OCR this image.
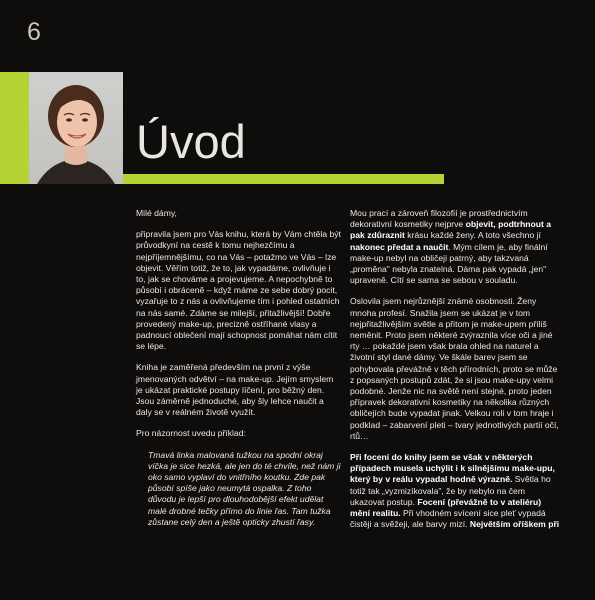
6
Úvod

Milé dámy,

připravila jsem pro Vás knihu, která by Vám chtěla být průvodkyní na cestě k tomu nejhezčímu a nejpříjemnějšímu, co na Vás – potažmo ve Vás – lze objevit. Věřím totiž, že to, jak vypadáme, ovlivňuje i to, jak se chováme a projevujeme. A nepochybně to působí i obráceně – když máme ze sebe dobrý pocit, vyzařuje to z nás a ovlivňujeme tím i pohled ostatních na nás samé. Zdáme se milejší, přitažlivější! Dobře provedený make-up, precizně ostříhané vlasy a padnoucí oblečení mají schopnost pomáhat nám cítit se lépe.

Kniha je zaměřená především na první z výše jmenovaných odvětví – na make-up. Jejím smyslem je ukázat praktické postupy líčení, pro běžný den. Jsou záměrně jednoduché, aby šly lehce naučit a daly se v reálném životě využít.

Pro názornost uvedu příklad:

Tmavá linka malovaná tužkou na spodní okraj víčka je sice hezká, ale jen do té chvíle, než nám ji oko samo vyplaví do vnitřního koutku. Zde pak působí spíše jako neumytá ospalka. Z toho důvodu je lepší pro dlouhodobější efekt udělat malé drobné tečky přímo do linie řas. Tam tužka zůstane celý den a ještě opticky zhustí řasy.

Mou prací a zároveň filozofií je prostřednictvím dekorativní kosmetiky nejprve objevit, podtrhnout a pak zdůraznit krásu každé ženy. A toto všechno jí nakonec předat a naučit. Mým cílem je, aby finální make-up nebyl na obličeji patrný, aby takzvaná „proměna" nebyla znatelná. Dáma pak vypadá „jen" upraveně. Cítí se sama se sebou v souladu.

Oslovila jsem nejrůznější známé osobnosti. Ženy mnoha profesí. Snažila jsem se ukázat je v tom nejpřitažlivějším světle a přitom je make-upem příliš neměnit. Proto jsem některé zvýraznila více oči a jiné rty … pokaždé jsem však brala ohled na naturel a životní styl dané dámy. Ve škále barev jsem se pohybovala převážně v těch přírodních, proto se může z popsaných postupů zdát, že si jsou make-upy velmi podobné. Jenže nic na světě není stejné, proto jeden přípravek dekorativní kosmetiky na několika různých obličejích bude vypadat jinak. Velkou roli v tom hraje i podklad – zabarvení pleti – tvary jednotlivých partií očí, rtů…

Při focení do knihy jsem se však v některých případech musela uchýlit i k silnějšímu make-upu, který by v reálu vypadal hodně výrazně. Světla ho totiž tak „vyzmizíkovala", že by nebylo na čem ukazovat postup. Focení (převážně to v ateliéru) mění realitu. Při vhodném svícení sice pleť vypadá čistěji a svěžeji, ale barvy mizí. Největším oříškem při
